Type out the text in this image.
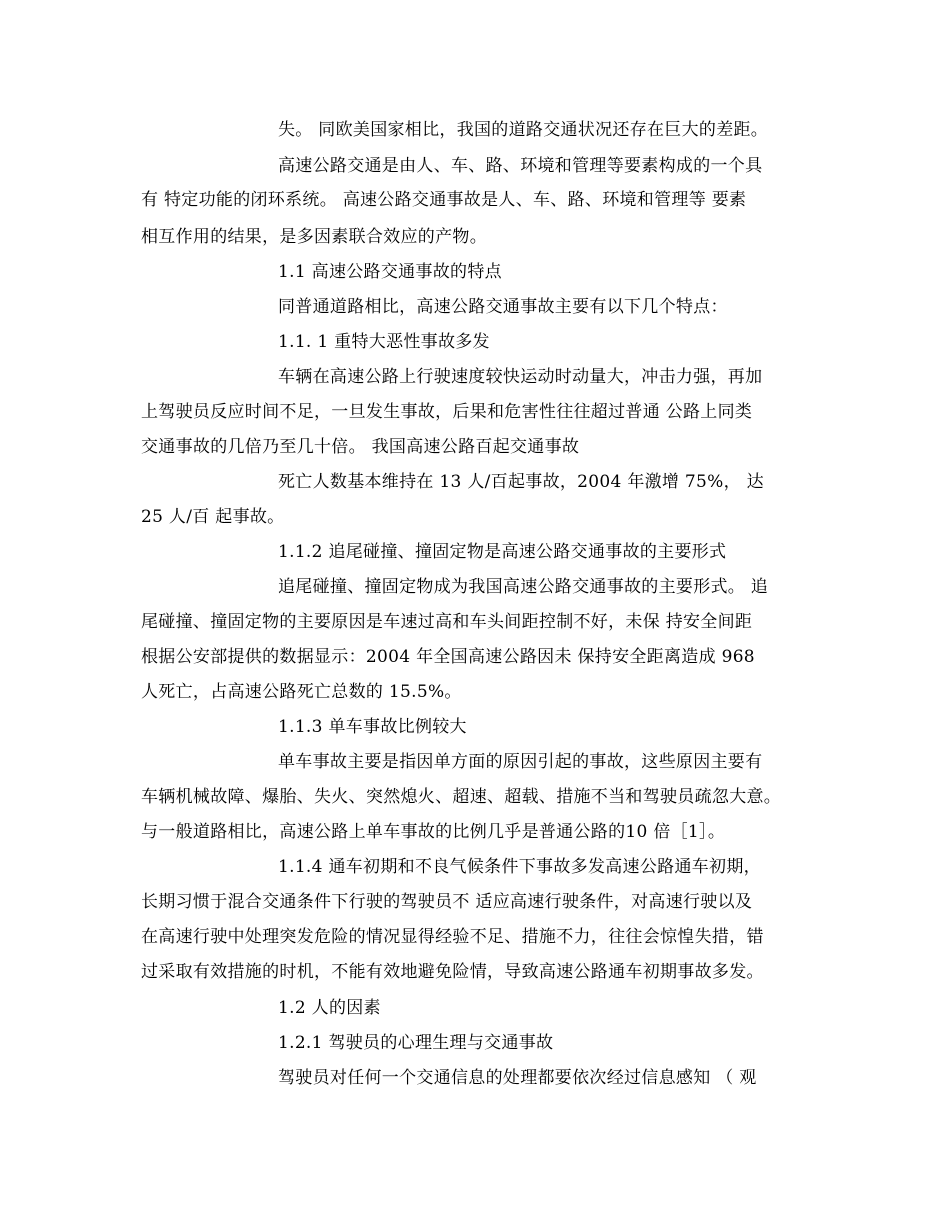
失。 同欧美国家相比，我国的道路交通状况还存在巨大的差距。
高速公路交通是由人、车、路、环境和管理等要素构成的一个具
有 特定功能的闭环系统。 高速公路交通事故是人、车、路、环境和管理等 要素
相互作用的结果，是多因素联合效应的产物。
1.1 高速公路交通事故的特点
同普通道路相比，高速公路交通事故主要有以下几个特点：
1.1. 1 重特大恶性事故多发
车辆在高速公路上行驶速度较快运动时动量大，冲击力强，再加
上驾驶员反应时间不足，一旦发生事故，后果和危害性往往超过普通 公路上同类
交通事故的几倍乃至几十倍。 我国高速公路百起交通事故
死亡人数基本维持在 13 人/百起事故，2004 年激增 75%， 达
25 人/百 起事故。
1.1.2 追尾碰撞、撞固定物是高速公路交通事故的主要形式
追尾碰撞、撞固定物成为我国高速公路交通事故的主要形式。 追
尾碰撞、撞固定物的主要原因是车速过高和车头间距控制不好，未保 持安全间距
根据公安部提供的数据显示：2004 年全国高速公路因未 保持安全距离造成 968
人死亡，占高速公路死亡总数的 15.5%。
1.1.3 单车事故比例较大
单车事故主要是指因单方面的原因引起的事故，这些原因主要有
车辆机械故障、爆胎、失火、突然熄火、超速、超载、措施不当和驾驶员疏忽大意。
与一般道路相比，高速公路上单车事故的比例几乎是普通公路的10 倍［1］。
1.1.4 通车初期和不良气候条件下事故多发高速公路通车初期，
长期习惯于混合交通条件下行驶的驾驶员不 适应高速行驶条件，对高速行驶以及
在高速行驶中处理突发危险的情况显得经验不足、措施不力，往往会惊惶失措，错
过采取有效措施的时机，不能有效地避免险情，导致高速公路通车初期事故多发。
1.2 人的因素
1.2.1 驾驶员的心理生理与交通事故
驾驶员对任何一个交通信息的处理都要依次经过信息感知 （ 观
